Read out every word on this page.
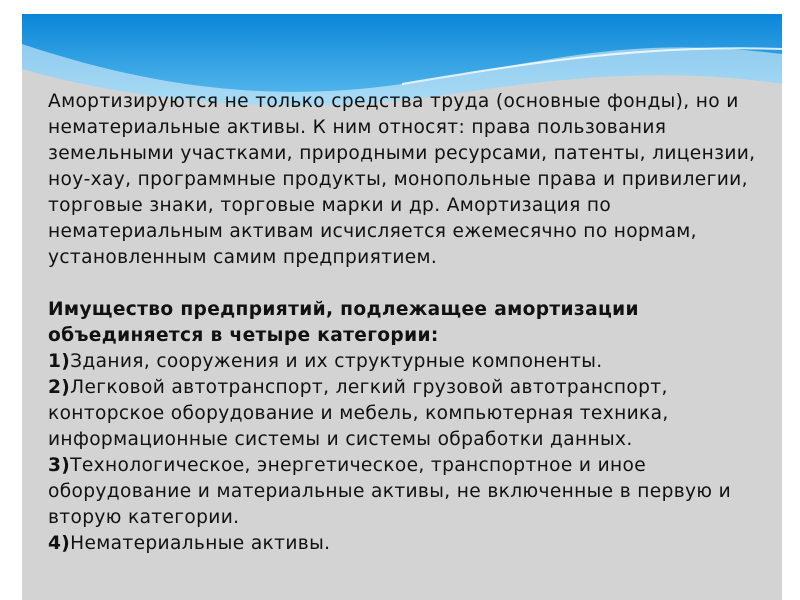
Амортизируются не только средства труда (основные фонды), но и нематериальные активы. К ним относят: права пользования земельными участками, природными ресурсами, патенты, лицензии, ноу-хау, программные продукты, монопольные права и привилегии, торговые знаки, торговые марки и др. Амортизация по нематериальным активам исчисляется ежемесячно по нормам, установленным самим предприятием.

Имущество предприятий, подлежащее амортизации объединяется в четыре категории:

1)Здания, сооружения и их структурные компоненты.

2)Легковой автотранспорт, легкий грузовой автотранспорт, конторское оборудование и мебель, компьютерная техника, информационные системы и системы обработки данных.

3)Технологическое, энергетическое, транспортное и иное оборудование и материальные активы, не включенные в первую и вторую категории.

4)Нематериальные активы.
